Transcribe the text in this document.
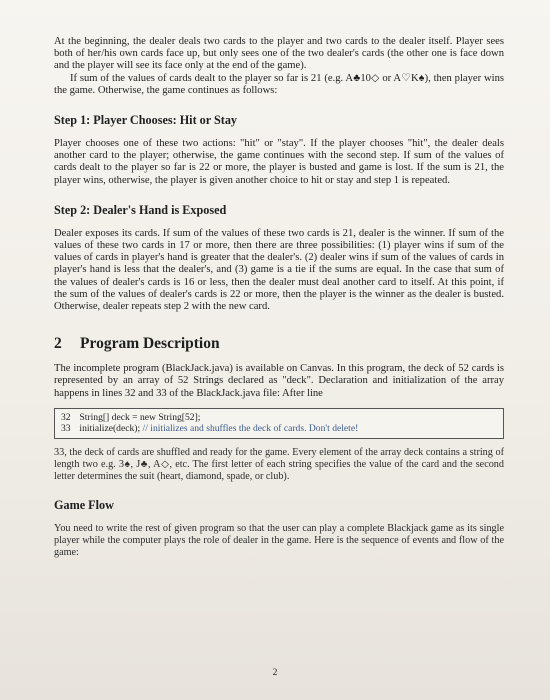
At the beginning, the dealer deals two cards to the player and two cards to the dealer itself. Player sees both of her/his own cards face up, but only sees one of the two dealer's cards (the other one is face down and the player will see its face only at the end of the game).

If sum of the values of cards dealt to the player so far is 21 (e.g. A♣10◇ or A♡K♠), then player wins the game. Otherwise, the game continues as follows:

Step 1: Player Chooses: Hit or Stay

Player chooses one of these two actions: "hit" or "stay". If the player chooses "hit", the dealer deals another card to the player; otherwise, the game continues with the second step. If sum of the values of cards dealt to the player so far is 22 or more, the player is busted and game is lost. If the sum is 21, the player wins, otherwise, the player is given another choice to hit or stay and step 1 is repeated.

Step 2: Dealer's Hand is Exposed

Dealer exposes its cards. If sum of the values of these two cards is 21, dealer is the winner. If sum of the values of these two cards in 17 or more, then there are three possibilities: (1) player wins if sum of the values of cards in player's hand is greater that the dealer's. (2) dealer wins if sum of the values of cards in player's hand is less that the dealer's, and (3) game is a tie if the sums are equal. In the case that sum of the values of dealer's cards is 16 or less, then the dealer must deal another card to itself. At this point, if the sum of the values of dealer's cards is 22 or more, then the player is the winner as the dealer is busted. Otherwise, dealer repeats step 2 with the new card.

2 Program Description

The incomplete program (BlackJack.java) is available on Canvas. In this program, the deck of 52 cards is represented by an array of 52 Strings declared as "deck". Declaration and initialization of the array happens in lines 32 and 33 of the BlackJack.java file: After line

32 String[] deck = new String[52];
33 initialize(deck); // initializes and shuffles the deck of cards. Don't delete!

33, the deck of cards are shuffled and ready for the game. Every element of the array deck contains a string of length two e.g. 3♠, J♣, A◇, etc. The first letter of each string specifies the value of the card and the second letter determines the suit (heart, diamond, spade, or club).

Game Flow

You need to write the rest of given program so that the user can play a complete Blackjack game as its single player while the computer plays the role of dealer in the game. Here is the sequence of events and flow of the game:

2
